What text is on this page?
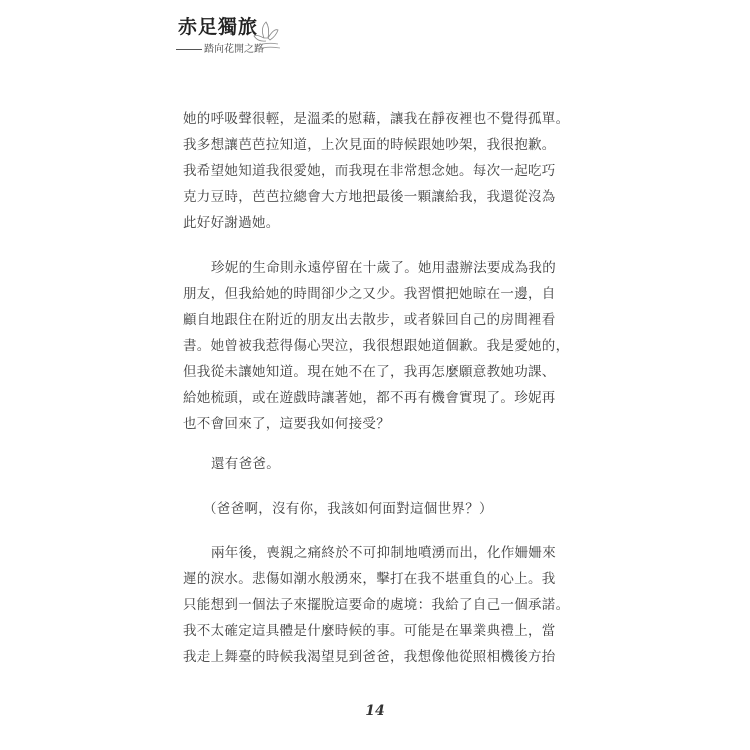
赤足獨旅
踏向花開之路
她的呼吸聲很輕，是溫柔的慰藉，讓我在靜夜裡也不覺得孤單。
我多想讓芭芭拉知道，上次見面的時候跟她吵架，我很抱歉。
我希望她知道我很愛她，而我現在非常想念她。每次一起吃巧
克力豆時，芭芭拉總會大方地把最後一顆讓給我，我還從沒為
此好好謝過她。
珍妮的生命則永遠停留在十歲了。她用盡辦法要成為我的
朋友，但我給她的時間卻少之又少。我習慣把她晾在一邊，自
顧自地跟住在附近的朋友出去散步，或者躲回自己的房間裡看
書。她曾被我惹得傷心哭泣，我很想跟她道個歉。我是愛她的，
但我從未讓她知道。現在她不在了，我再怎麼願意教她功課、
給她梳頭，或在遊戲時讓著她，都不再有機會實現了。珍妮再
也不會回來了，這要我如何接受？
還有爸爸。
（爸爸啊，沒有你，我該如何面對這個世界？）
兩年後，喪親之痛終於不可抑制地噴湧而出，化作姍姍來
遲的淚水。悲傷如潮水般湧來，擊打在我不堪重負的心上。我
只能想到一個法子來擺脫這要命的處境：我給了自己一個承諾。
我不太確定這具體是什麼時候的事。可能是在畢業典禮上，當
我走上舞臺的時候我渴望見到爸爸，我想像他從照相機後方抬
14
